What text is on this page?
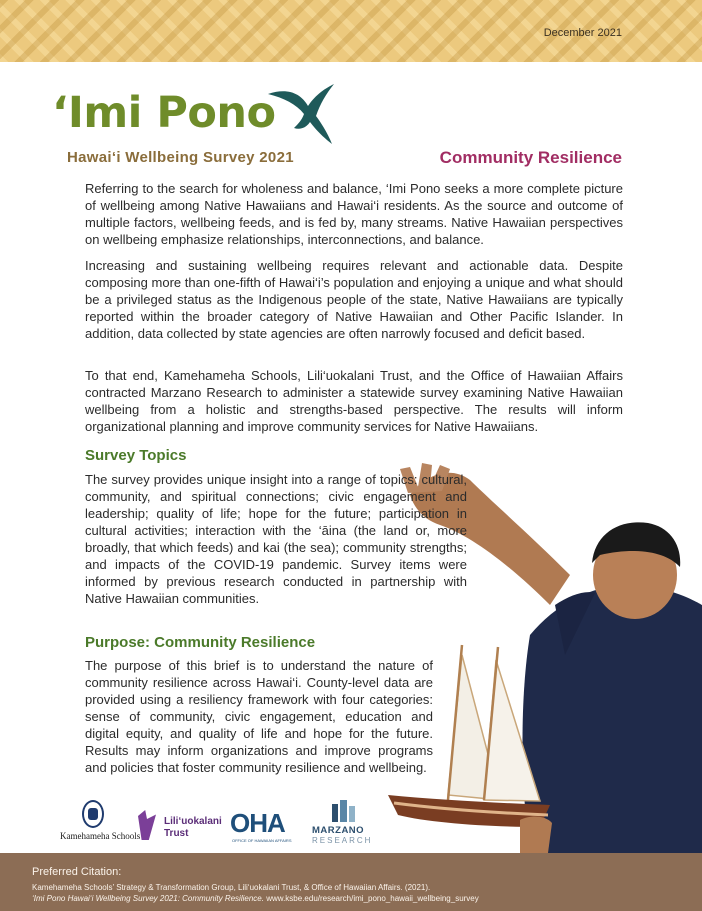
December 2021
‘Imi Pono
Hawai‘i Wellbeing Survey 2021	Community Resilience

Referring to the search for wholeness and balance, ‘Imi Pono seeks a more complete picture of wellbeing among Native Hawaiians and Hawai‘i residents. As the source and outcome of multiple factors, wellbeing feeds, and is fed by, many streams. Native Hawaiian perspectives on wellbeing emphasize relationships, interconnections, and balance.

Increasing and sustaining wellbeing requires relevant and actionable data. Despite composing more than one-fifth of Hawai‘i’s population and enjoying a unique and what should be a privileged status as the Indigenous people of the state, Native Hawaiians are typically reported within the broader category of Native Hawaiian and Other Pacific Islander. In addition, data collected by state agencies are often narrowly focused and deficit based.

To that end, Kamehameha Schools, Lili‘uokalani Trust, and the Office of Hawaiian Affairs contracted Marzano Research to administer a statewide survey examining Native Hawaiian wellbeing from a holistic and strengths-based perspective. The results will inform organizational planning and improve community services for Native Hawaiians.

Survey Topics

The survey provides unique insight into a range of topics: cultural, community, and spiritual connections; civic engagement and leadership; quality of life; hope for the future; participation in cultural activities; interaction with the ‘āina (the land or, more broadly, that which feeds) and kai (the sea); community strengths; and impacts of the COVID-19 pandemic. Survey items were informed by previous research conducted in partnership with Native Hawaiian communities.

Purpose: Community Resilience

The purpose of this brief is to understand the nature of community resilience across Hawai‘i. County-level data are provided using a resiliency framework with four categories: sense of community, civic engagement, education and digital equity, and quality of life and hope for the future. Results may inform organizations and improve programs and policies that foster community resilience and wellbeing.

Kamehameha Schools
Lili‘uokalani
Trust	OHA
OFFICE OF HAWAIIAN AFFAIRS
MARZANO
RESEARCH

Preferred Citation:

Kamehameha Schools’ Strategy & Transformation Group, Lili‘uokalani Trust, & Office of Hawaiian Affairs. (2021).

‘Imi Pono Hawai‘i Wellbeing Survey 2021: Community Resilience. www.ksbe.edu/research/imi_pono_hawaii_wellbeing_survey
